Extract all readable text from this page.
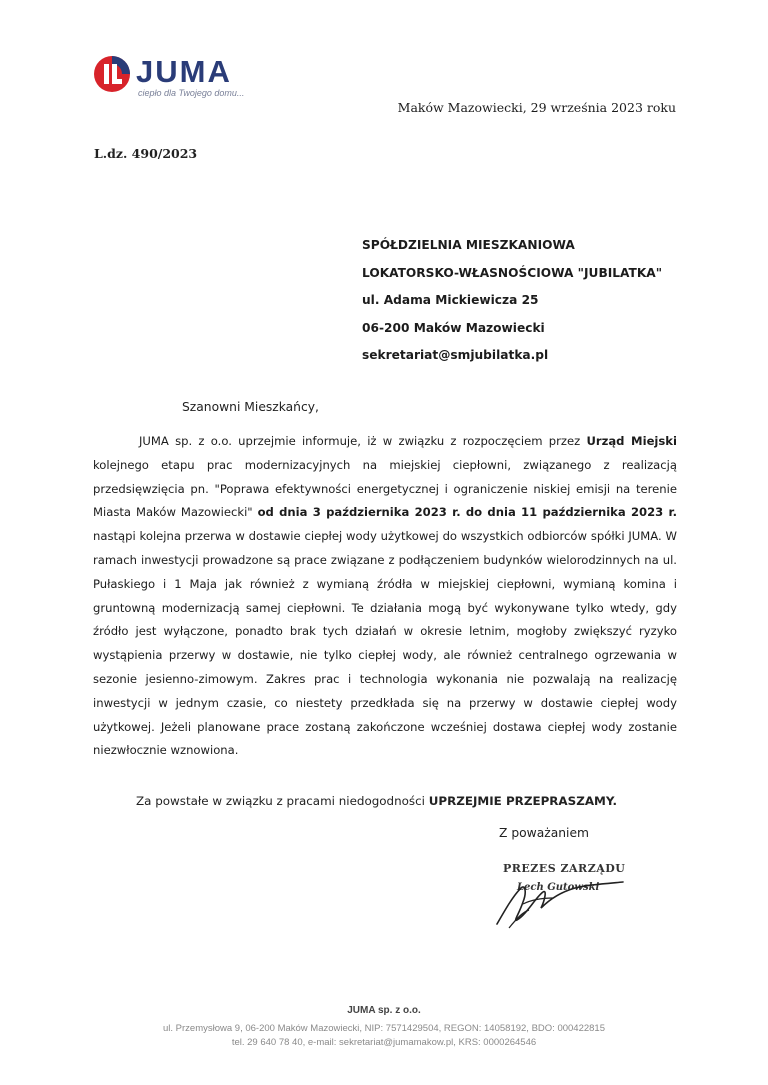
JUMA
ciepło dla Twojego domu...
Maków Mazowiecki, 29 września 2023 roku
L.dz. 490/2023
SPÓŁDZIELNIA MIESZKANIOWA
LOKATORSKO-WŁASNOŚCIOWA "JUBILATKA"
ul. Adama Mickiewicza 25
06-200 Maków Mazowiecki
sekretariat@smjubilatka.pl
Szanowni Mieszkańcy,
JUMA sp. z o.o. uprzejmie informuje, iż w związku z rozpoczęciem przez Urząd Miejski kolejnego etapu prac modernizacyjnych na miejskiej ciepłowni, związanego z realizacją przedsięwzięcia pn. "Poprawa efektywności energetycznej i ograniczenie niskiej emisji na terenie Miasta Maków Mazowiecki" od dnia 3 października 2023 r. do dnia 11 października 2023 r. nastąpi kolejna przerwa w dostawie ciepłej wody użytkowej do wszystkich odbiorców spółki JUMA. W ramach inwestycji prowadzone są prace związane z podłączeniem budynków wielorodzinnych na ul. Pułaskiego i 1 Maja jak również z wymianą źródła w miejskiej ciepłowni, wymianą komina i gruntowną modernizacją samej ciepłowni. Te działania mogą być wykonywane tylko wtedy, gdy źródło jest wyłączone, ponadto brak tych działań w okresie letnim, mogłoby zwiększyć ryzyko wystąpienia przerwy w dostawie, nie tylko ciepłej wody, ale również centralnego ogrzewania w sezonie jesienno-zimowym. Zakres prac i technologia wykonania nie pozwalają na realizację inwestycji w jednym czasie, co niestety przedkłada się na przerwy w dostawie ciepłej wody użytkowej. Jeżeli planowane prace zostaną zakończone wcześniej dostawa ciepłej wody zostanie niezwłocznie wznowiona.
Za powstałe w związku z pracami niedogodności UPRZEJMIE PRZEPRASZAMY.
Z poważaniem
PREZES ZARZĄDU
Lech Gutowski
JUMA sp. z o.o.
ul. Przemysłowa 9, 06-200 Maków Mazowiecki, NIP: 7571429504, REGON: 14058192, BDO: 000422815
tel. 29 640 78 40, e-mail: sekretariat@jumamakow.pl, KRS: 0000264546
